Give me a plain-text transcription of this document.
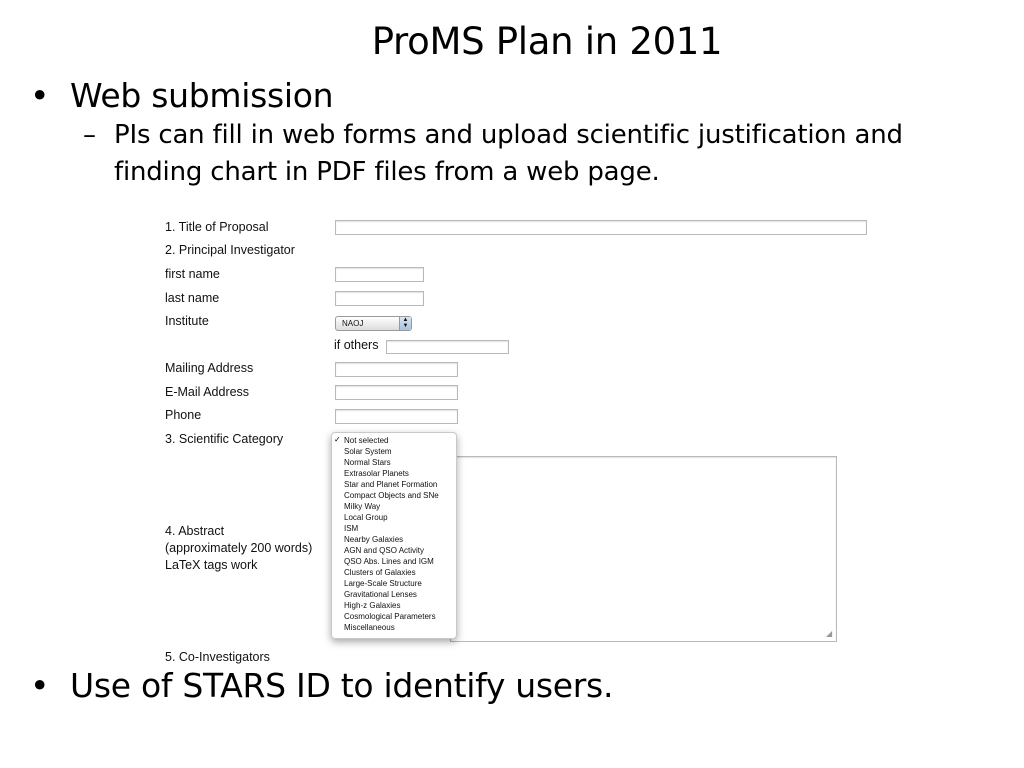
ProMS Plan in 2011
• Web submission
– PIs can fill in web forms and upload scientific justification and finding chart in PDF files from a web page.
1. Title of Proposal
2. Principal Investigator
first name
last name
Institute	NAOJ	▲
▼
if others
Mailing Address
E-Mail Address
Phone
3. Scientific Category
◢
4. Abstract
(approximately 200 words)
LaTeX tags work
✓ Not selected
Solar System
Normal Stars
Extrasolar Planets
Star and Planet Formation
Compact Objects and SNe
Milky Way
Local Group
ISM
Nearby Galaxies
AGN and QSO Activity
QSO Abs. Lines and IGM
Clusters of Galaxies
Large-Scale Structure
Gravitational Lenses
High-z Galaxies
Cosmological Parameters
Miscellaneous
5. Co-Investigators
• Use of STARS ID to identify users.
